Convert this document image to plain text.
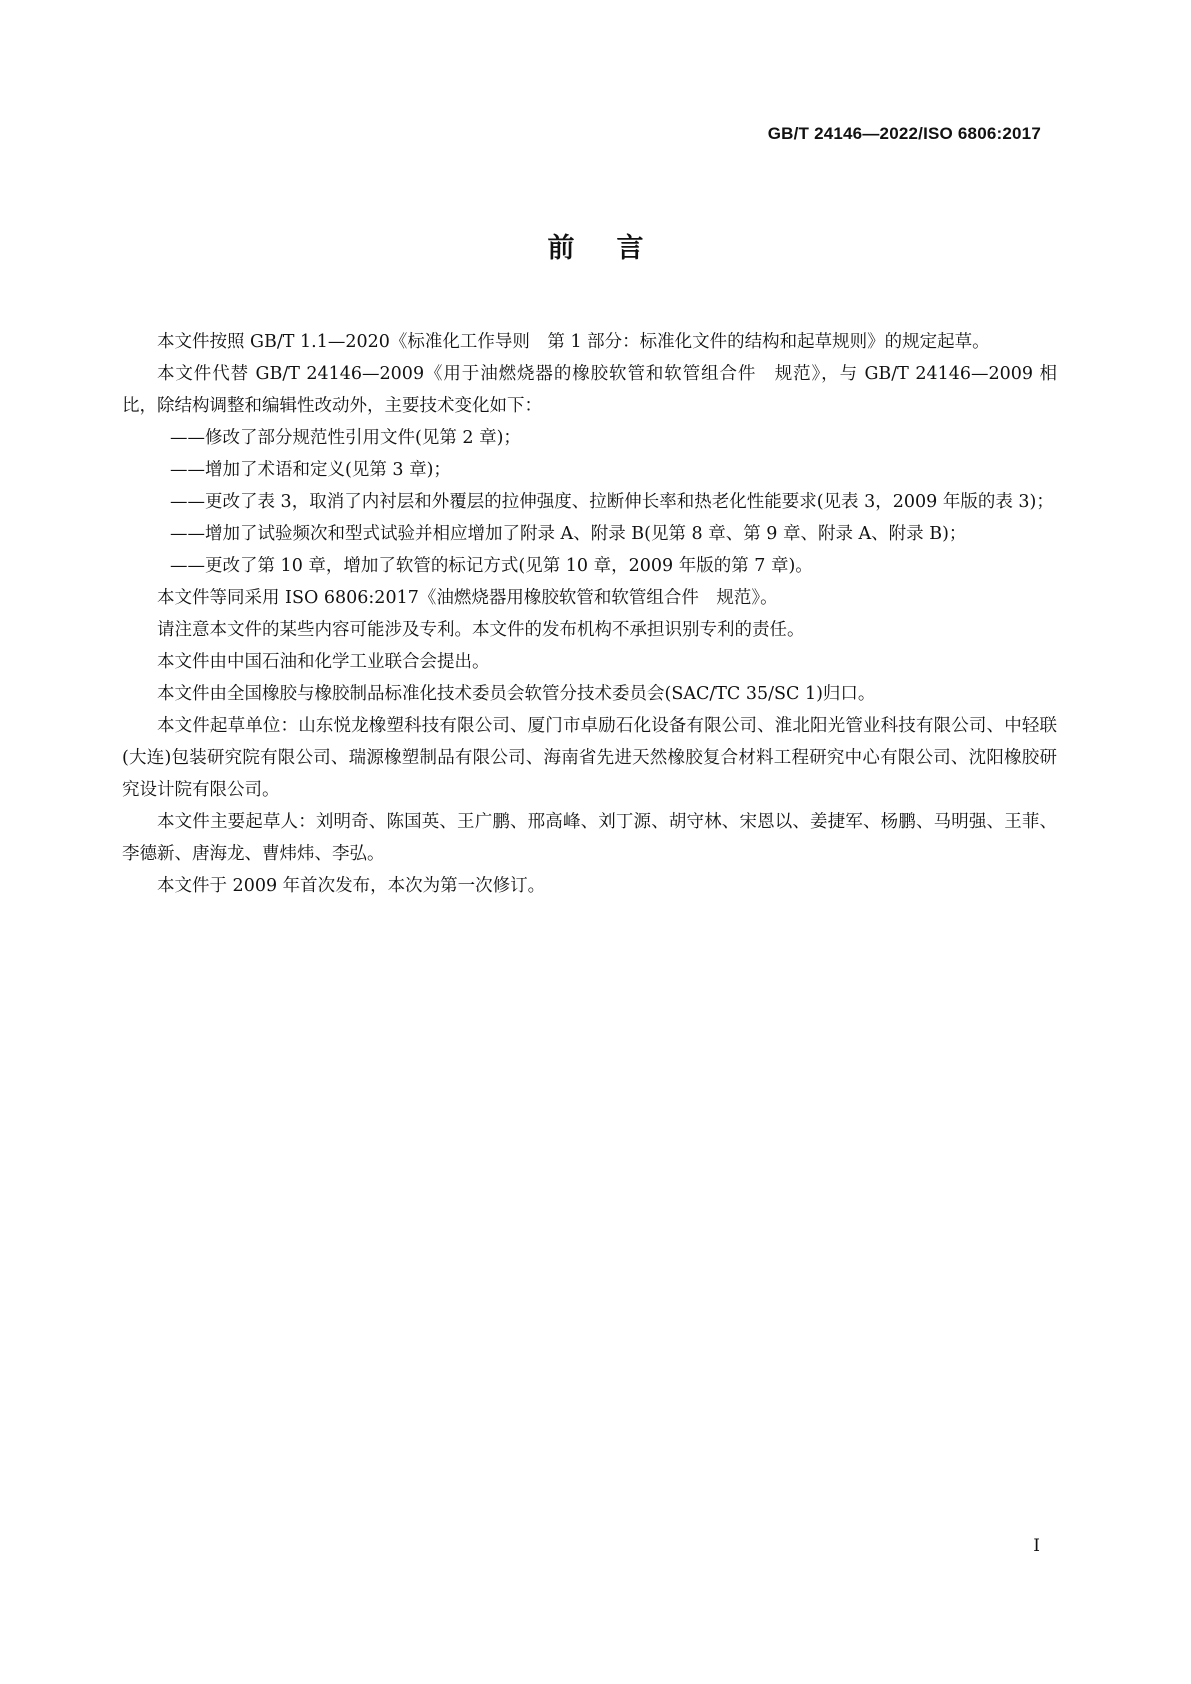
GB/T 24146—2022/ISO 6806:2017
前言

本文件按照 GB/T 1.1—2020《标准化工作导则　第 1 部分：标准化文件的结构和起草规则》的规定起草。

本文件代替 GB/T 24146—2009《用于油燃烧器的橡胶软管和软管组合件　规范》，与 GB/T 24146—2009 相比，除结构调整和编辑性改动外，主要技术变化如下：

——修改了部分规范性引用文件(见第 2 章)；

——增加了术语和定义(见第 3 章)；

——更改了表 3，取消了内衬层和外覆层的拉伸强度、拉断伸长率和热老化性能要求(见表 3，2009 年版的表 3)；

——增加了试验频次和型式试验并相应增加了附录 A、附录 B(见第 8 章、第 9 章、附录 A、附录 B)；

——更改了第 10 章，增加了软管的标记方式(见第 10 章，2009 年版的第 7 章)。

本文件等同采用 ISO 6806:2017《油燃烧器用橡胶软管和软管组合件　规范》。

请注意本文件的某些内容可能涉及专利。本文件的发布机构不承担识别专利的责任。

本文件由中国石油和化学工业联合会提出。

本文件由全国橡胶与橡胶制品标准化技术委员会软管分技术委员会(SAC/TC 35/SC 1)归口。

本文件起草单位：山东悦龙橡塑科技有限公司、厦门市卓励石化设备有限公司、淮北阳光管业科技有限公司、中轻联(大连)包装研究院有限公司、瑞源橡塑制品有限公司、海南省先进天然橡胶复合材料工程研究中心有限公司、沈阳橡胶研究设计院有限公司。

本文件主要起草人：刘明奇、陈国英、王广鹏、邢高峰、刘丁源、胡守林、宋恩以、姜捷军、杨鹏、马明强、王菲、李德新、唐海龙、曹炜炜、李弘。

本文件于 2009 年首次发布，本次为第一次修订。

I
